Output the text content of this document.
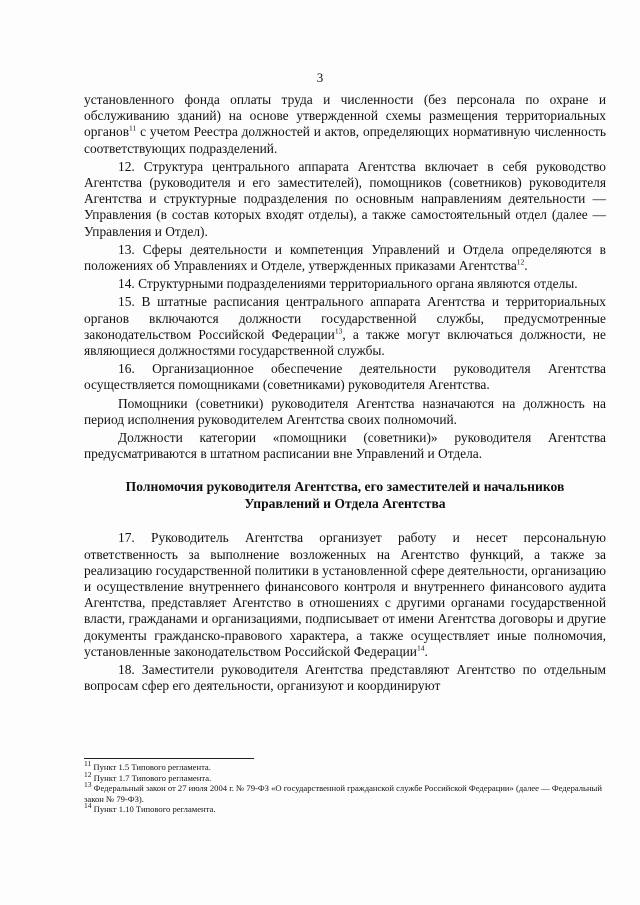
3

установленного фонда оплаты труда и численности (без персонала по охране и обслуживанию зданий) на основе утвержденной схемы размещения территориальных органов$^{11}$ с учетом Реестра должностей и актов, определяющих нормативную численность соответствующих подразделений.

12. Структура центрального аппарата Агентства включает в себя руководство Агентства (руководителя и его заместителей), помощников (советников) руководителя Агентства и структурные подразделения по основным направлениям деятельности — Управления (в состав которых входят отделы), а также самостоятельный отдел (далее — Управления и Отдел).

13. Сферы деятельности и компетенция Управлений и Отдела определяются в положениях об Управлениях и Отделе, утвержденных приказами Агентства$^{12}$.

14. Структурными подразделениями территориального органа являются отделы.

15. В штатные расписания центрального аппарата Агентства и территориальных органов включаются должности государственной службы, предусмотренные законодательством Российской Федерации$^{13}$, а также могут включаться должности, не являющиеся должностями государственной службы.

16. Организационное обеспечение деятельности руководителя Агентства осуществляется помощниками (советниками) руководителя Агентства.

Помощники (советники) руководителя Агентства назначаются на должность на период исполнения руководителем Агентства своих полномочий.

Должности категории «помощники (советники)» руководителя Агентства предусматриваются в штатном расписании вне Управлений и Отдела.

Полномочия руководителя Агентства, его заместителей и начальников

Управлений и Отдела Агентства

17. Руководитель Агентства организует работу и несет персональную ответственность за выполнение возложенных на Агентство функций, а также за реализацию государственной политики в установленной сфере деятельности, организацию и осуществление внутреннего финансового контроля и внутреннего финансового аудита Агентства, представляет Агентство в отношениях с другими органами государственной власти, гражданами и организациями, подписывает от имени Агентства договоры и другие документы гражданско-правового характера, а также осуществляет иные полномочия, установленные законодательством Российской Федерации$^{14}$.

18. Заместители руководителя Агентства представляют Агентство по отдельным вопросам сфер его деятельности, организуют и координируют

$^{11}$ Пункт 1.5 Типового регламента.

$^{12}$ Пункт 1.7 Типового регламента.

$^{13}$ Федеральный закон от 27 июля 2004 г. № 79-ФЗ «О государственной гражданской службе Российской Федерации» (далее — Федеральный закон № 79-ФЗ).

$^{14}$ Пункт 1.10 Типового регламента.
